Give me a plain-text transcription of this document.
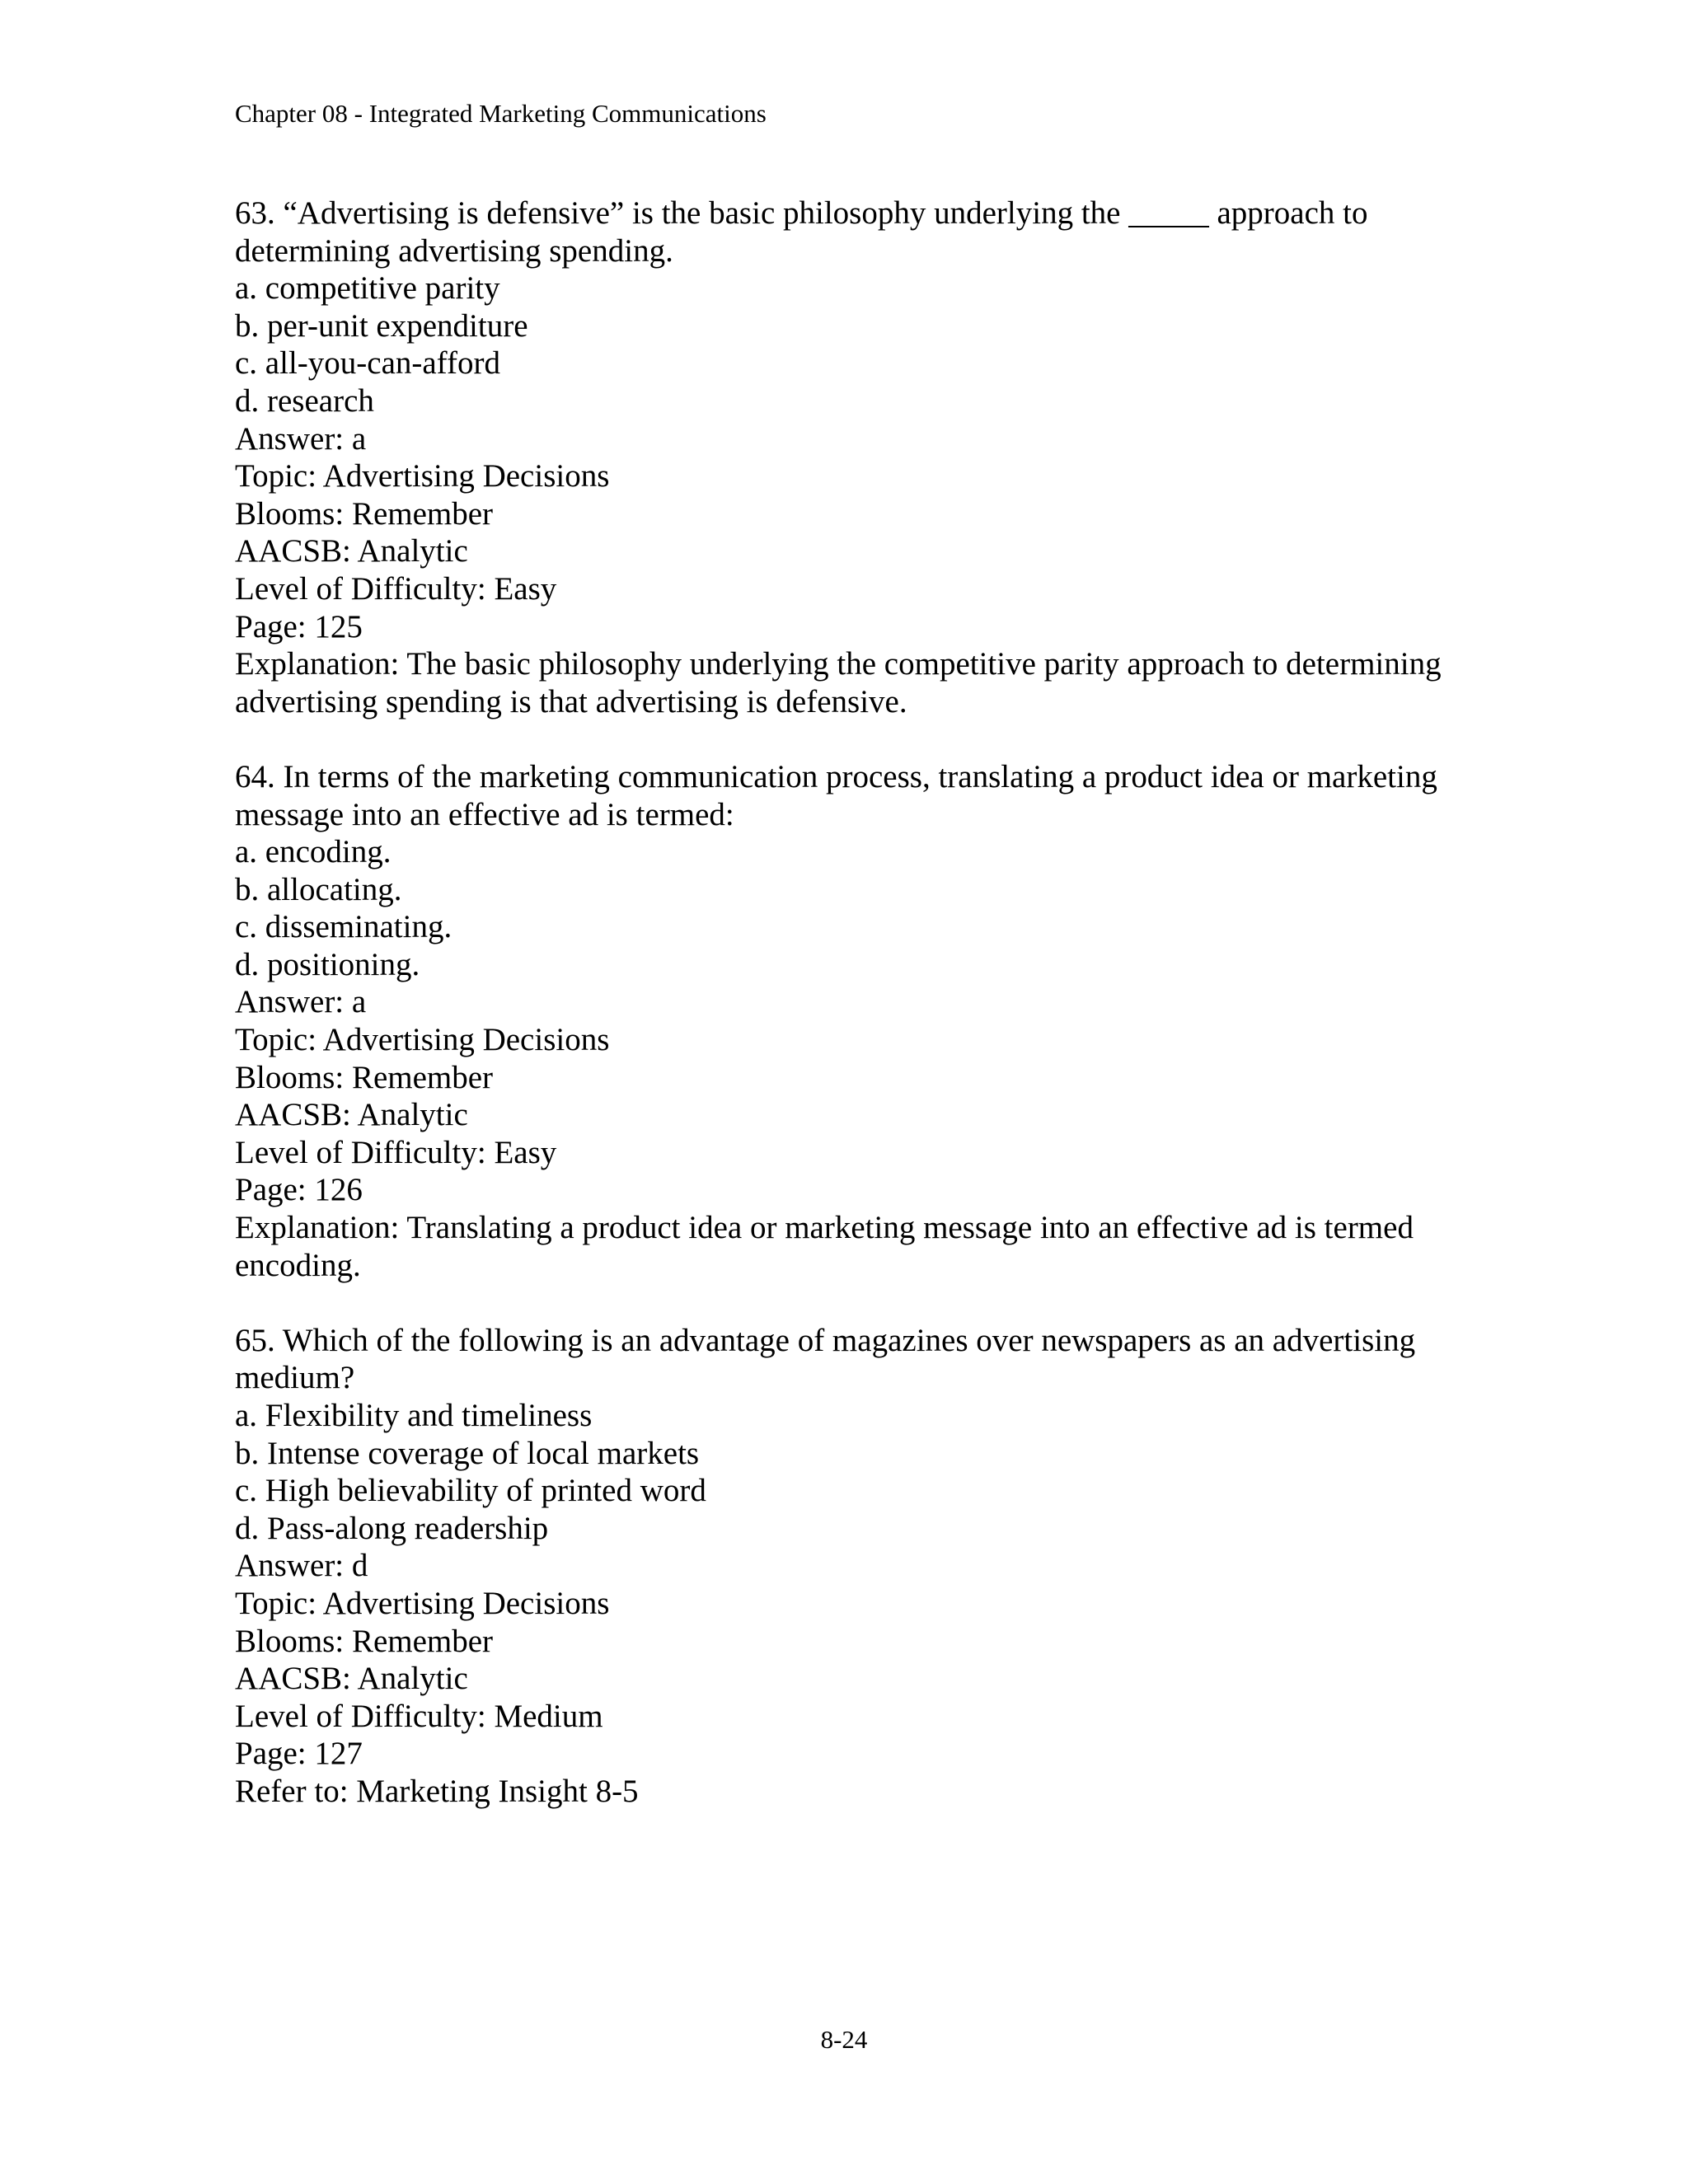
Chapter 08 - Integrated Marketing Communications
63. “Advertising is defensive” is the basic philosophy underlying the _____ approach to
determining advertising spending.
a. competitive parity
b. per-unit expenditure
c. all-you-can-afford
d. research
Answer: a
Topic: Advertising Decisions
Blooms: Remember
AACSB: Analytic
Level of Difficulty: Easy
Page: 125
Explanation: The basic philosophy underlying the competitive parity approach to determining
advertising spending is that advertising is defensive.
64. In terms of the marketing communication process, translating a product idea or marketing
message into an effective ad is termed:
a. encoding.
b. allocating.
c. disseminating.
d. positioning.
Answer: a
Topic: Advertising Decisions
Blooms: Remember
AACSB: Analytic
Level of Difficulty: Easy
Page: 126
Explanation: Translating a product idea or marketing message into an effective ad is termed
encoding.
65. Which of the following is an advantage of magazines over newspapers as an advertising
medium?
a. Flexibility and timeliness
b. Intense coverage of local markets
c. High believability of printed word
d. Pass-along readership
Answer: d
Topic: Advertising Decisions
Blooms: Remember
AACSB: Analytic
Level of Difficulty: Medium
Page: 127
Refer to: Marketing Insight 8-5
8-24
